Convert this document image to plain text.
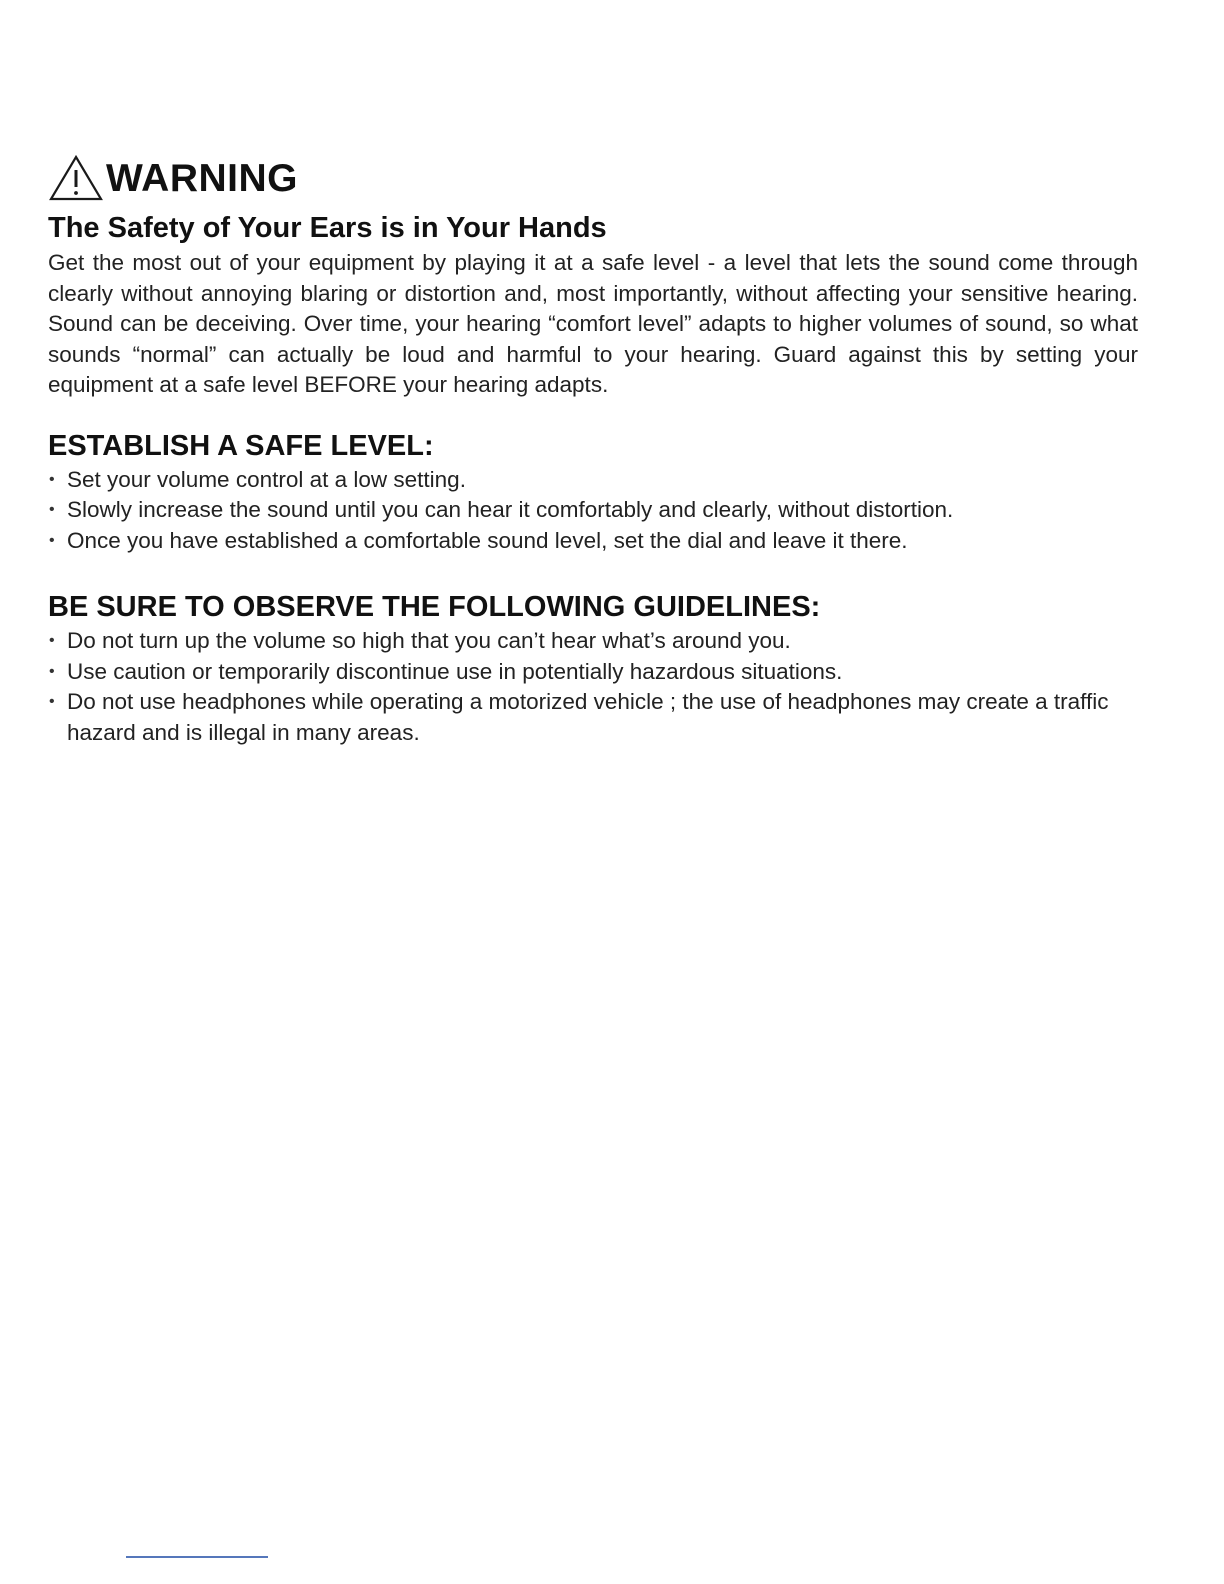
WARNING
The Safety of Your Ears is in Your Hands
Get the most out of your equipment by playing it at a safe level - a level that lets the sound come through clearly without annoying blaring or distortion and, most importantly, without affecting your sensitive hearing. Sound can be deceiving. Over time, your hearing “comfort level” adapts to higher volumes of sound, so what sounds “normal” can actually be loud and harmful to your hearing. Guard against this by setting your equipment at a safe level BEFORE your hearing adapts.
ESTABLISH A SAFE LEVEL:
• Set your volume control at a low setting.
• Slowly increase the sound until you can hear it comfortably and clearly, without distortion.
• Once you have established a comfortable sound level, set the dial and leave it there.
BE SURE TO OBSERVE THE FOLLOWING GUIDELINES:
• Do not turn up the volume so high that you can’t hear what’s around you.
• Use caution or temporarily discontinue use in potentially hazardous situations.
• Do not use headphones while operating a motorized vehicle ; the use of headphones may create a traffic hazard and is illegal in many areas.
